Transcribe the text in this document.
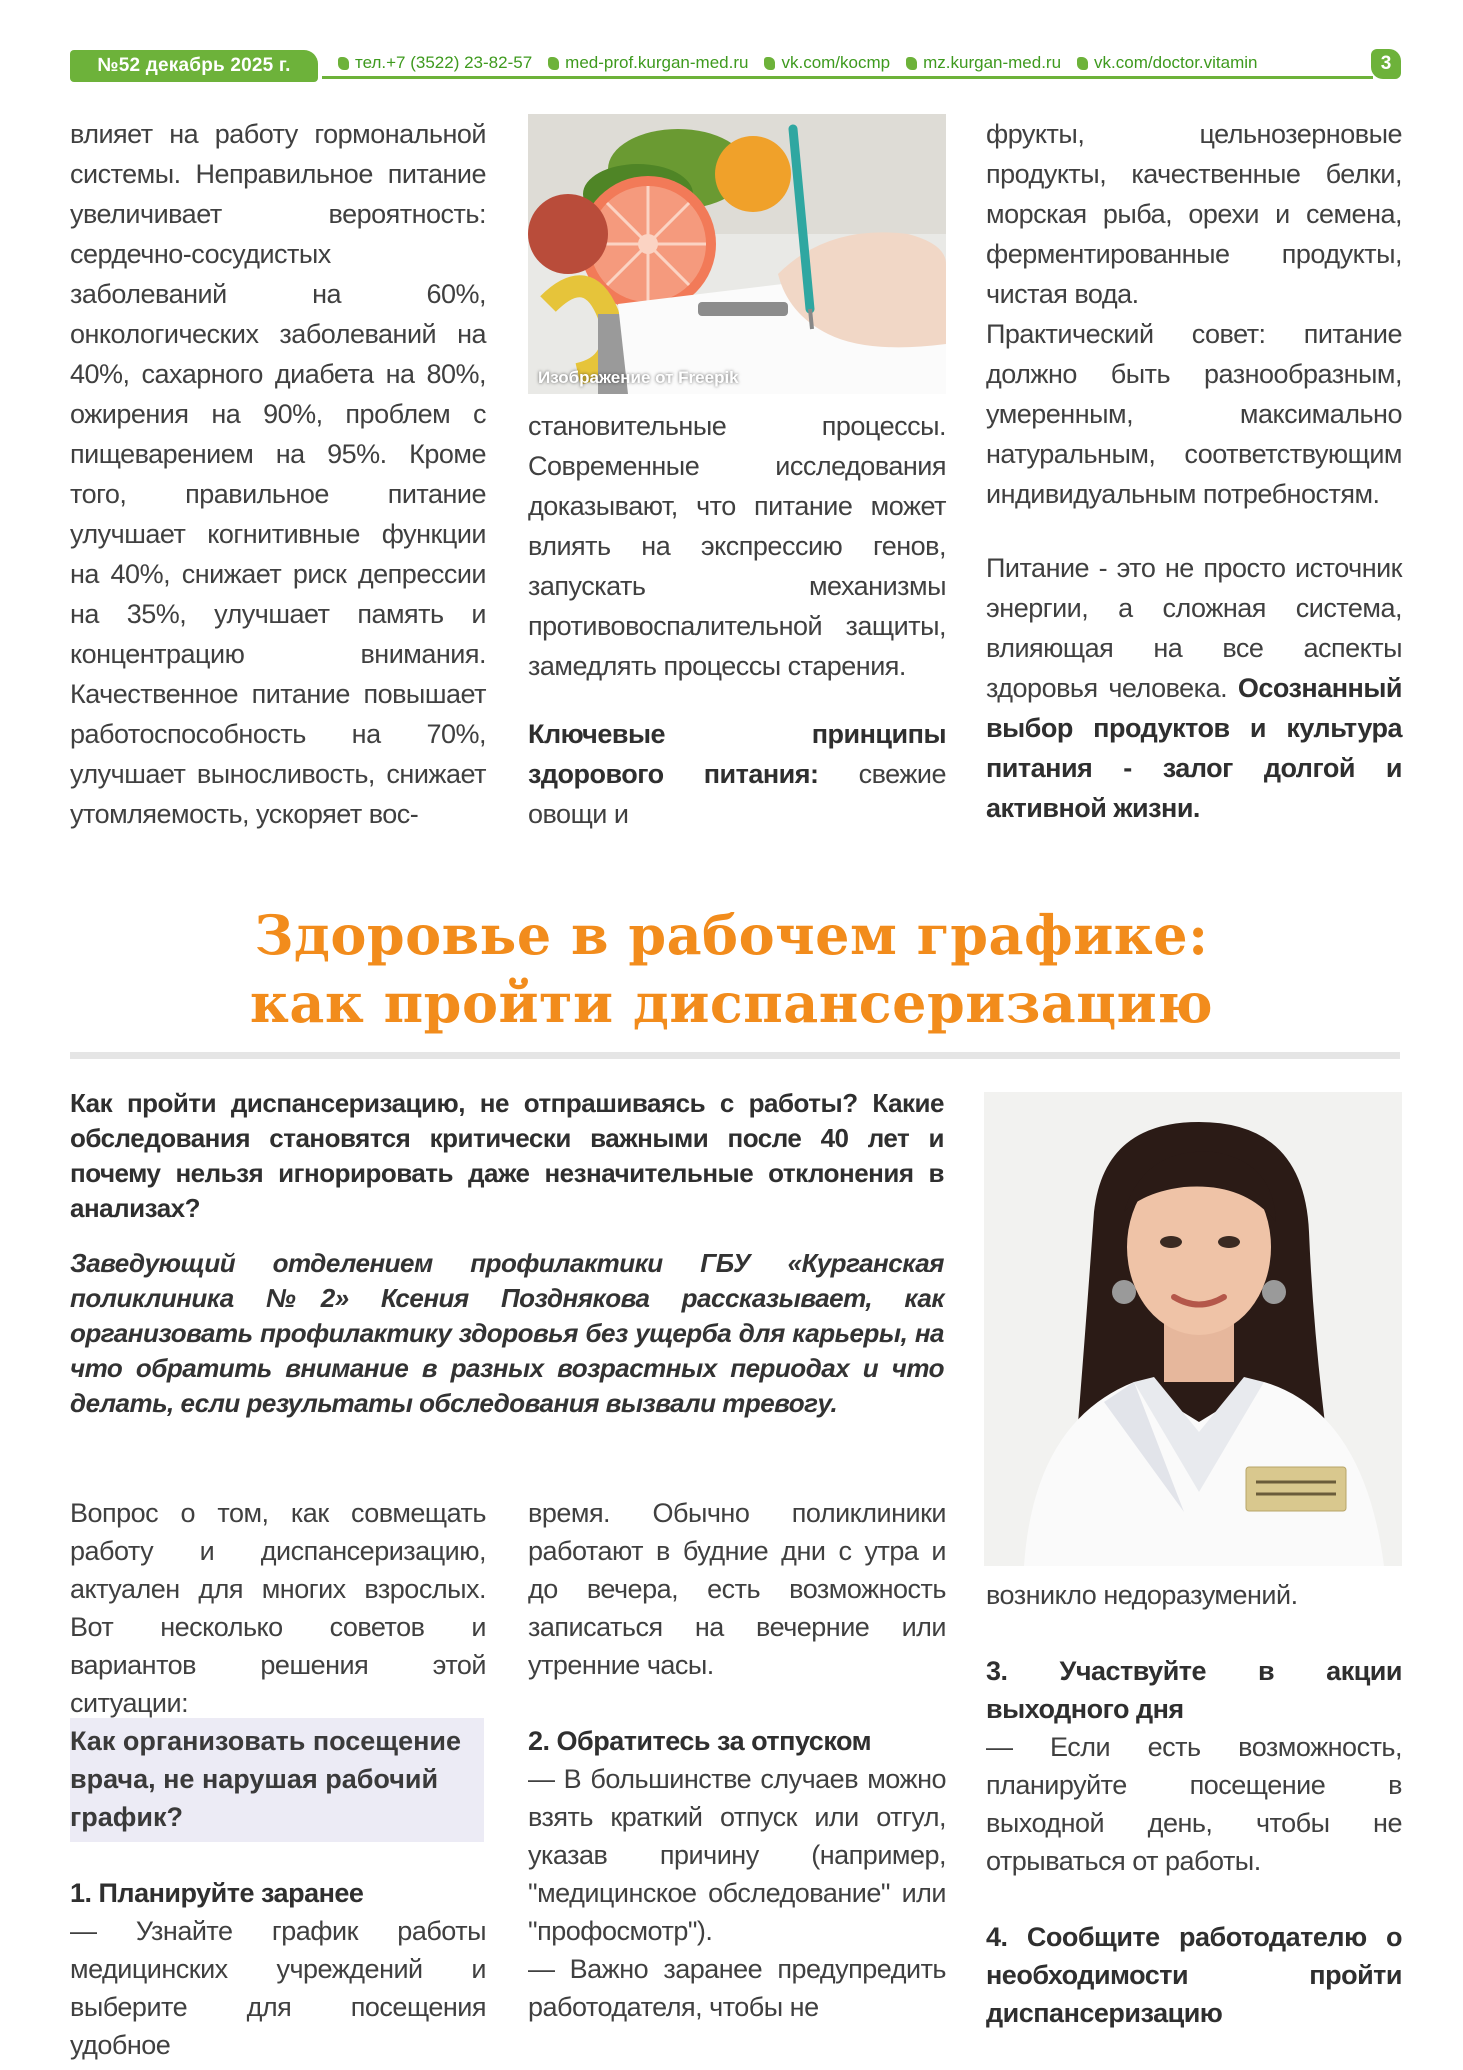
№52 декабрь 2025 г.	тел.+7 (3522) 23-82-57 med-prof.kurgan-med.ru vk.com/kocmp mz.kurgan-med.ru vk.com/doctor.vitamin	3

влияет на работу гормональной системы. Неправильное питание увеличивает вероятность: сердечно-сосудистых заболеваний на 60%, онкологических заболеваний на 40%, сахарного диабета на 80%, ожирения на 90%, проблем с пищеварением на 95%. Кроме того, правильное питание улучшает когнитивные функции на 40%, снижает риск депрессии на 35%, улучшает память и концентрацию внимания. Качественное питание повышает работоспособность на 70%, улучшает выносливость, снижает утомляемость, ускоряет вос-

Изображение от Freepik

становительные процессы. Современные исследования доказывают, что питание может влиять на экспрессию генов, запускать механизмы противовоспалительной защиты, замедлять процессы старения.

Ключевые принципы здорового питания: свежие овощи и

фрукты, цельнозерновые продукты, качественные белки, морская рыба, орехи и семена, ферментированные продукты, чистая вода.

Практический совет: питание должно быть разнообразным, умеренным, максимально натуральным, соответствующим индивидуальным потребностям.

Питание - это не просто источник энергии, а сложная система, влияющая на все аспекты здоровья человека. Осознанный выбор продуктов и культура питания - залог долгой и активной жизни.

Здоровье в рабочем графике:
как пройти диспансеризацию
Как пройти диспансеризацию, не отпрашиваясь с работы? Какие обследования становятся критически важными после 40 лет и почему нельзя игнорировать даже незначительные отклонения в анализах?
Заведующий отделением профилактики ГБУ «Курганская поликлиника №2» Ксения Позднякова рассказывает, как организовать профилактику здоровья без ущерба для карьеры, на что обратить внимание в разных возрастных периодах и что делать, если результаты обследования вызвали тревогу.

Вопрос о том, как совмещать работу и диспансеризацию, актуален для многих взрослых. Вот несколько советов и вариантов решения этой ситуации:

Как организовать посещение врача, не нарушая рабочий график?

1. Планируйте заранее

— Узнайте график работы медицинских учреждений и выберите для посещения удобное

время. Обычно поликлиники работают в будние дни с утра и до вечера, есть возможность записаться на вечерние или утренние часы.

2. Обратитесь за отпуском

— В большинстве случаев можно взять краткий отпуск или отгул, указав причину (например, "медицинское обследование" или "профосмотр").

— Важно заранее предупредить работодателя, чтобы не

возникло недоразумений.

3. Участвуйте в акции выходного дня

— Если есть возможность, планируйте посещение в выходной день, чтобы не отрываться от работы.

4. Сообщите работодателю о необходимости пройти диспансеризацию
